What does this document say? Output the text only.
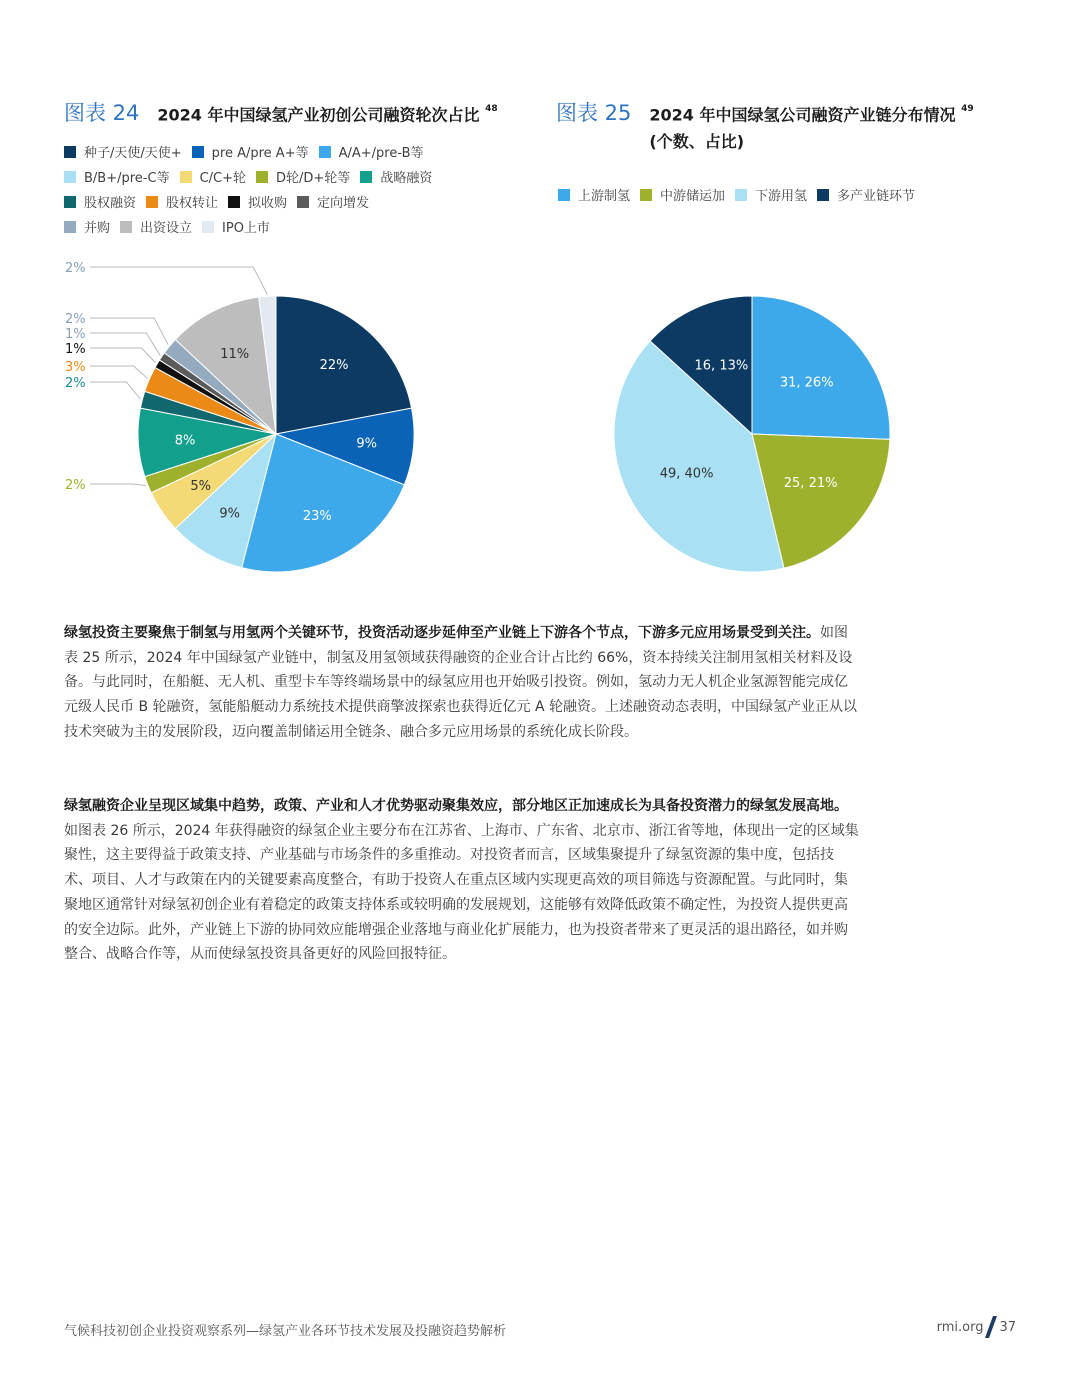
图表 24 2024 年中国绿氢产业初创公司融资轮次占比 $^{48}$
种子/天使/天使+ pre A/pre A+等 A/A+/pre-B等
B/B+/pre-C等 C/C+轮 D轮/D+轮等 战略融资
股权融资 股权转让 拟收购 定向增发
并购 出资设立 IPO上市
22%
9%
23%
9%
5%
2%
8%
2%
3%
1%
1%
2%
11%
2%
图表 25 2024 年中国绿氢公司融资产业链分布情况 $^{49}$
(个数、占比)
上游制氢 中游储运加 下游用氢 多产业链环节
31, 26%
25, 21%
49, 40%
16, 13%
绿氢投资主要聚焦于制氢与用氢两个关键环节，投资活动逐步延伸至产业链上下游各个节点，下游多元应用场景受到关注。如图表 25 所示，2024 年中国绿氢产业链中，制氢及用氢领域获得融资的企业合计占比约 66%，资本持续关注制用氢相关材料及设备。与此同时，在船艇、无人机、重型卡车等终端场景中的绿氢应用也开始吸引投资。例如，氢动力无人机企业氢源智能完成亿元级人民币 B 轮融资，氢能船艇动力系统技术提供商擎波探索也获得近亿元 A 轮融资。上述融资动态表明，中国绿氢产业正从以技术突破为主的发展阶段，迈向覆盖制储运用全链条、融合多元应用场景的系统化成长阶段。
绿氢融资企业呈现区域集中趋势，政策、产业和人才优势驱动聚集效应，部分地区正加速成长为具备投资潜力的绿氢发展高地。如图表 26 所示，2024 年获得融资的绿氢企业主要分布在江苏省、上海市、广东省、北京市、浙江省等地，体现出一定的区域集聚性，这主要得益于政策支持、产业基础与市场条件的多重推动。对投资者而言，区域集聚提升了绿氢资源的集中度，包括技术、项目、人才与政策在内的关键要素高度整合，有助于投资人在重点区域内实现更高效的项目筛选与资源配置。与此同时，集聚地区通常针对绿氢初创企业有着稳定的政策支持体系或较明确的发展规划，这能够有效降低政策不确定性，为投资人提供更高的安全边际。此外，产业链上下游的协同效应能增强企业落地与商业化扩展能力，也为投资者带来了更灵活的退出路径，如并购整合、战略合作等，从而使绿氢投资具备更好的风险回报特征。
气候科技初创企业投资观察系列—绿氢产业各环节技术发展及投融资趋势解析	rmi.org 37
